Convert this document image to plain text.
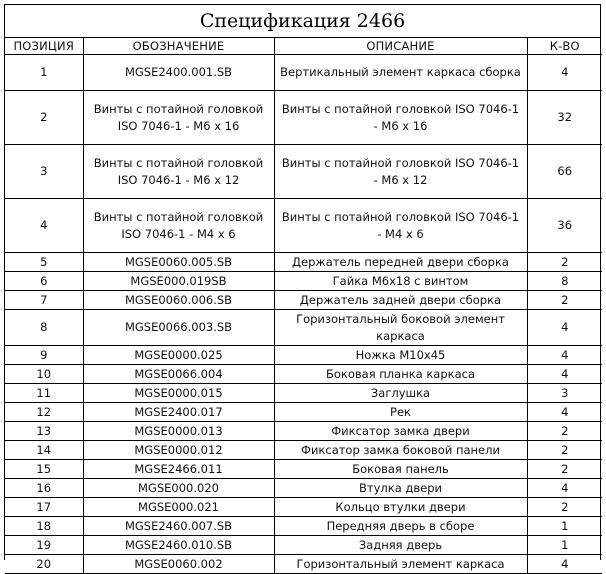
Спецификация 2466
ПОЗИЦИЯ	ОБОЗНАЧЕНИЕ	ОПИСАНИЕ	К-ВО
1	MGSE2400.001.SB	Вертикальный элемент каркаса сборка	4
2	Винты с потайной головкой ISO 7046-1 - M6 x 16	Винты с потайной головкой ISO 7046-1 - M6 x 16	32
3	Винты с потайной головкой ISO 7046-1 - M6 x 12	Винты с потайной головкой ISO 7046-1 - M6 x 12	66
4	Винты с потайной головкой ISO 7046-1 - M4 x 6	Винты с потайной головкой ISO 7046-1 - M4 x 6	36
5	MGSE0060.005.SB	Держатель передней двери сборка	2
6	MGSE000.019SB	Гайка М6х18 с винтом	8
7	MGSE0060.006.SB	Держатель задней двери сборка	2
8	MGSE0066.003.SB	Горизонтальный боковой элемент каркаса	4
9	MGSE0000.025	Ножка М10х45	4
10	MGSE0066.004	Боковая планка каркаса	4
11	MGSE0000.015	Заглушка	3
12	MGSE2400.017	Рек	4
13	MGSE0000.013	Фиксатор замка двери	2
14	MGSE0000.012	Фиксатор замка боковой панели	2
15	MGSE2466.011	Боковая панель	2
16	MGSE000.020	Втулка двери	4
17	MGSE000.021	Кольцо втулки двери	2
18	MGSE2460.007.SB	Передняя дверь в сборе	1
19	MGSE2460.010.SB	Задняя дверь	1
20	MGSE0060.002	Горизонтальный элемент каркаса	4
